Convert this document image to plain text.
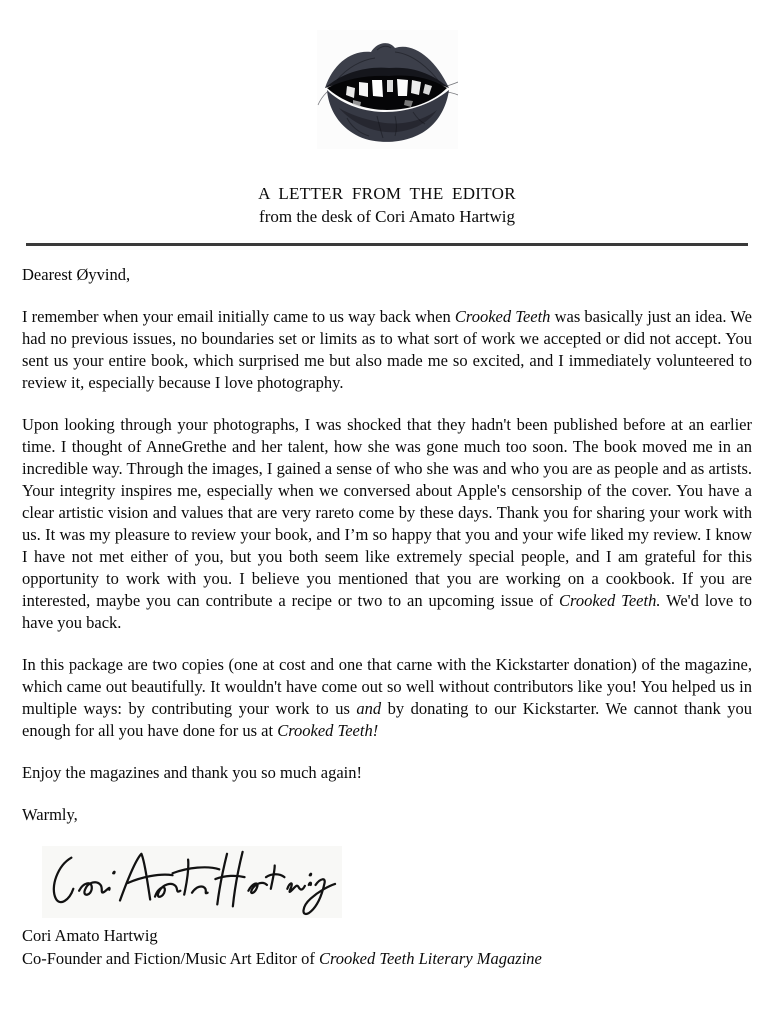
A LETTER FROM THE EDITOR
from the desk of Cori Amato Hartwig

Dearest Øyvind,

I remember when your email initially came to us way back when Crooked Teeth was basically just an idea. We had no previous issues, no boundaries set or limits as to what sort of work we accepted or did not accept. You sent us your entire book, which surprised me but also made me so excited, and I immediately volunteered to review it, especially because I love photography.

Upon looking through your photographs, I was shocked that they hadn't been published before at an earlier time. I thought of AnneGrethe and her talent, how she was gone much too soon. The book moved me in an incredible way. Through the images, I gained a sense of who she was and who you are as people and as artists. Your integrity inspires me, especially when we conversed about Apple's censorship of the cover. You have a clear artistic vision and values that are very rareto come by these days. Thank you for sharing your work with us. It was my pleasure to review your book, and I’m so happy that you and your wife liked my review. I know I have not met either of you, but you both seem like extremely special people, and I am grateful for this opportunity to work with you. I believe you mentioned that you are working on a cookbook. If you are interested, maybe you can contribute a recipe or two to an upcoming issue of Crooked Teeth. We'd love to have you back.

In this package are two copies (one at cost and one that carne with the Kickstarter donation) of the magazine, which came out beautifully. It wouldn't have come out so well without contributors like you! You helped us in multiple ways: by contributing your work to us and by donating to our Kickstarter. We cannot thank you enough for all you have done for us at Crooked Teeth!

Enjoy the magazines and thank you so much again!

Warmly,

Cori Amato Hartwig

Co-Founder and Fiction/Music Art Editor of Crooked Teeth Literary Magazine
